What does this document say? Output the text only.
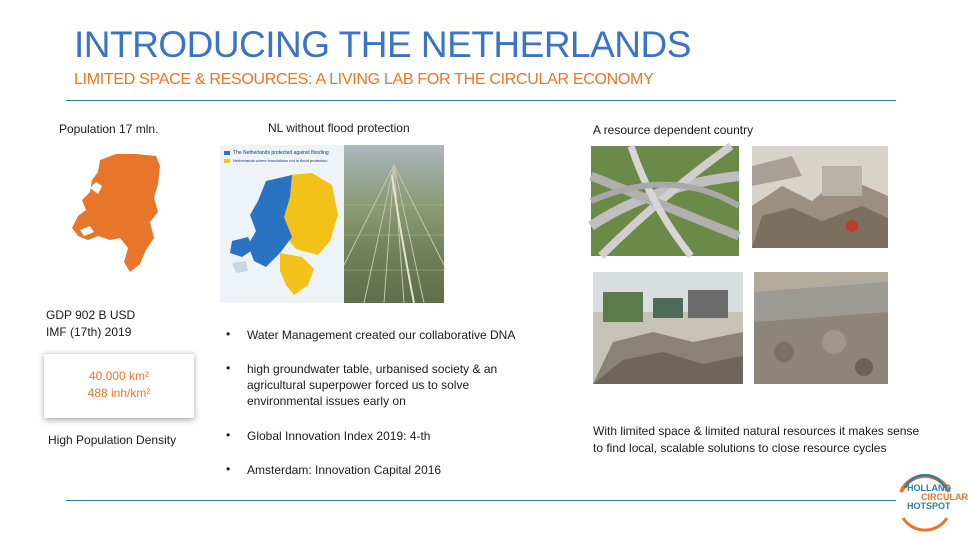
INTRODUCING THE NETHERLANDS
LIMITED SPACE & RESOURCES: A LIVING LAB FOR THE CIRCULAR ECONOMY
Population 17 mln.
GDP 902 B USD
IMF (17th) 2019
40.000 km²
488 inh/km²
High Population Density
NL without flood protection
The Netherlands protected against flooding
Netherlands where inundations not in flood protection
• Water Management created our collaborative DNA
• high groundwater table, urbanised society & an agricultural superpower forced us to solve environmental issues early on
• Global Innovation Index 2019: 4-th
• Amsterdam: Innovation Capital 2016
A resource dependent country
With limited space & limited natural resources it makes sense to find local, scalable solutions to close resource cycles
HOLLAND
CIRCULAR
HOTSPOT
